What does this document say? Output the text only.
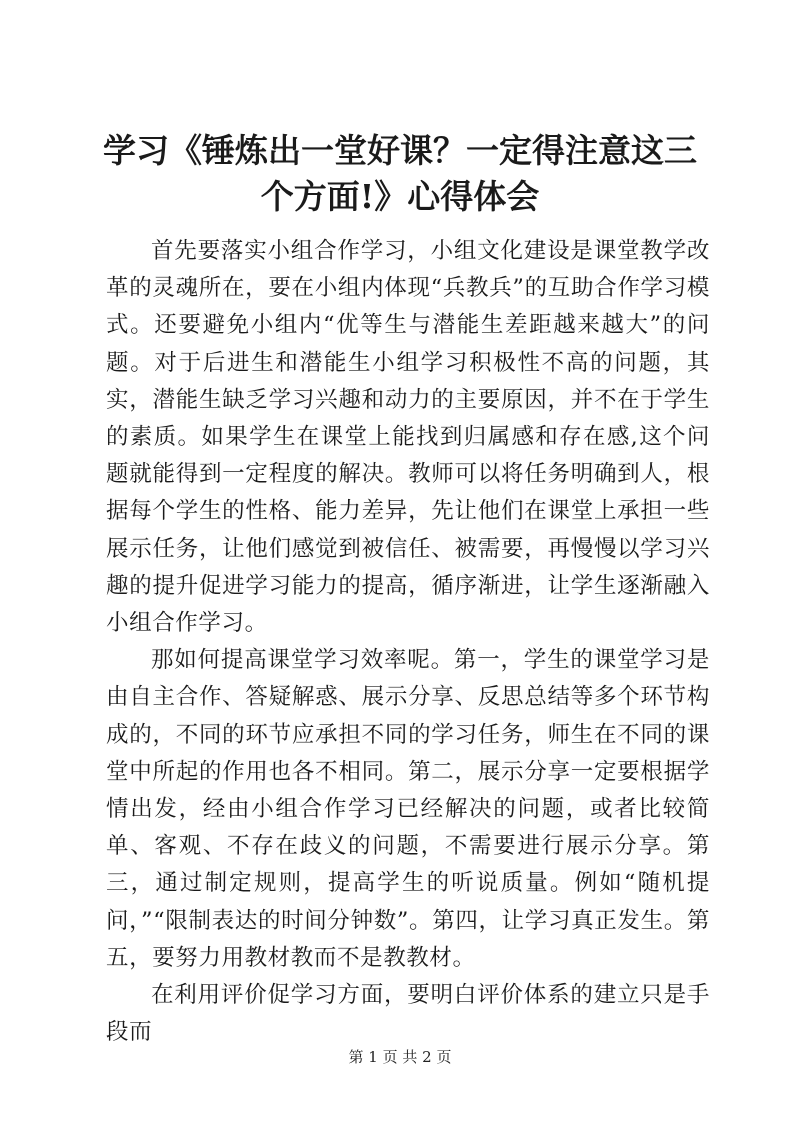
学习《锤炼出一堂好课？一定得注意这三个方面!》心得体会

首先要落实小组合作学习，小组文化建设是课堂教学改革的灵魂所在，要在小组内体现“兵教兵”的互助合作学习模式。还要避免小组内“优等生与潜能生差距越来越大”的问题。对于后进生和潜能生小组学习积极性不高的问题，其实，潜能生缺乏学习兴趣和动力的主要原因，并不在于学生的素质。如果学生在课堂上能找到归属感和存在感,这个问题就能得到一定程度的解决。教师可以将任务明确到人，根据每个学生的性格、能力差异，先让他们在课堂上承担一些展示任务，让他们感觉到被信任、被需要，再慢慢以学习兴趣的提升促进学习能力的提高，循序渐进，让学生逐渐融入小组合作学习。

那如何提高课堂学习效率呢。第一，学生的课堂学习是由自主合作、答疑解惑、展示分享、反思总结等多个环节构成的，不同的环节应承担不同的学习任务，师生在不同的课堂中所起的作用也各不相同。第二，展示分享一定要根据学情出发，经由小组合作学习已经解决的问题，或者比较简单、客观、不存在歧义的问题，不需要进行展示分享。第三，通过制定规则，提高学生的听说质量。例如“随机提问，”“限制表达的时间分钟数”。第四，让学习真正发生。第五，要努力用教材教而不是教教材。

在利用评价促学习方面，要明白评价体系的建立只是手段而

第 1 页 共 2 页
